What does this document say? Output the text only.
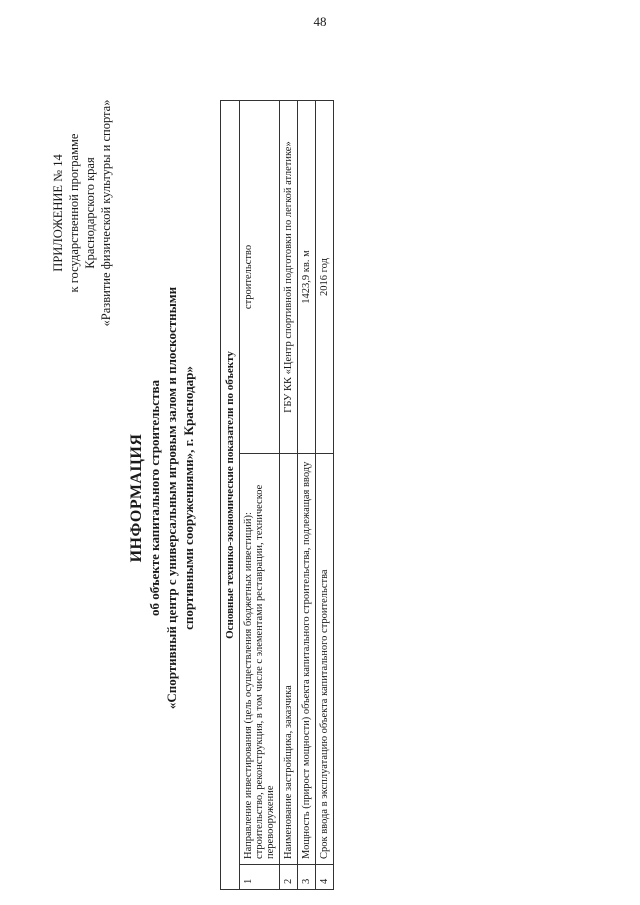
48
ПРИЛОЖЕНИЕ № 14 к государственной программе Краснодарского края «Развитие физической культуры и спорта»
ИНФОРМАЦИЯ об объекте капитального строительства «Спортивный центр с универсальным игровым залом и плоскостными спортивными сооружениями», г. Краснодар»	Основные технико-экономические показатели по объекту		
1	Направление инвестирования (цель осуществления бюджетных инвестиций): строительство, реконструкция, в том числе с элементами реставрации, техническое перевооружение	строительство
2	Наименование застройщика, заказчика	ГБУ КК «Центр спортивной подготовки по легкой атлетике»
3	Мощность (прирост мощности) объекта капитального строительства, подлежащая вводу	1423,9 кв. м
4	Срок ввода в эксплуатацию объекта капитального строительства	2016 год
